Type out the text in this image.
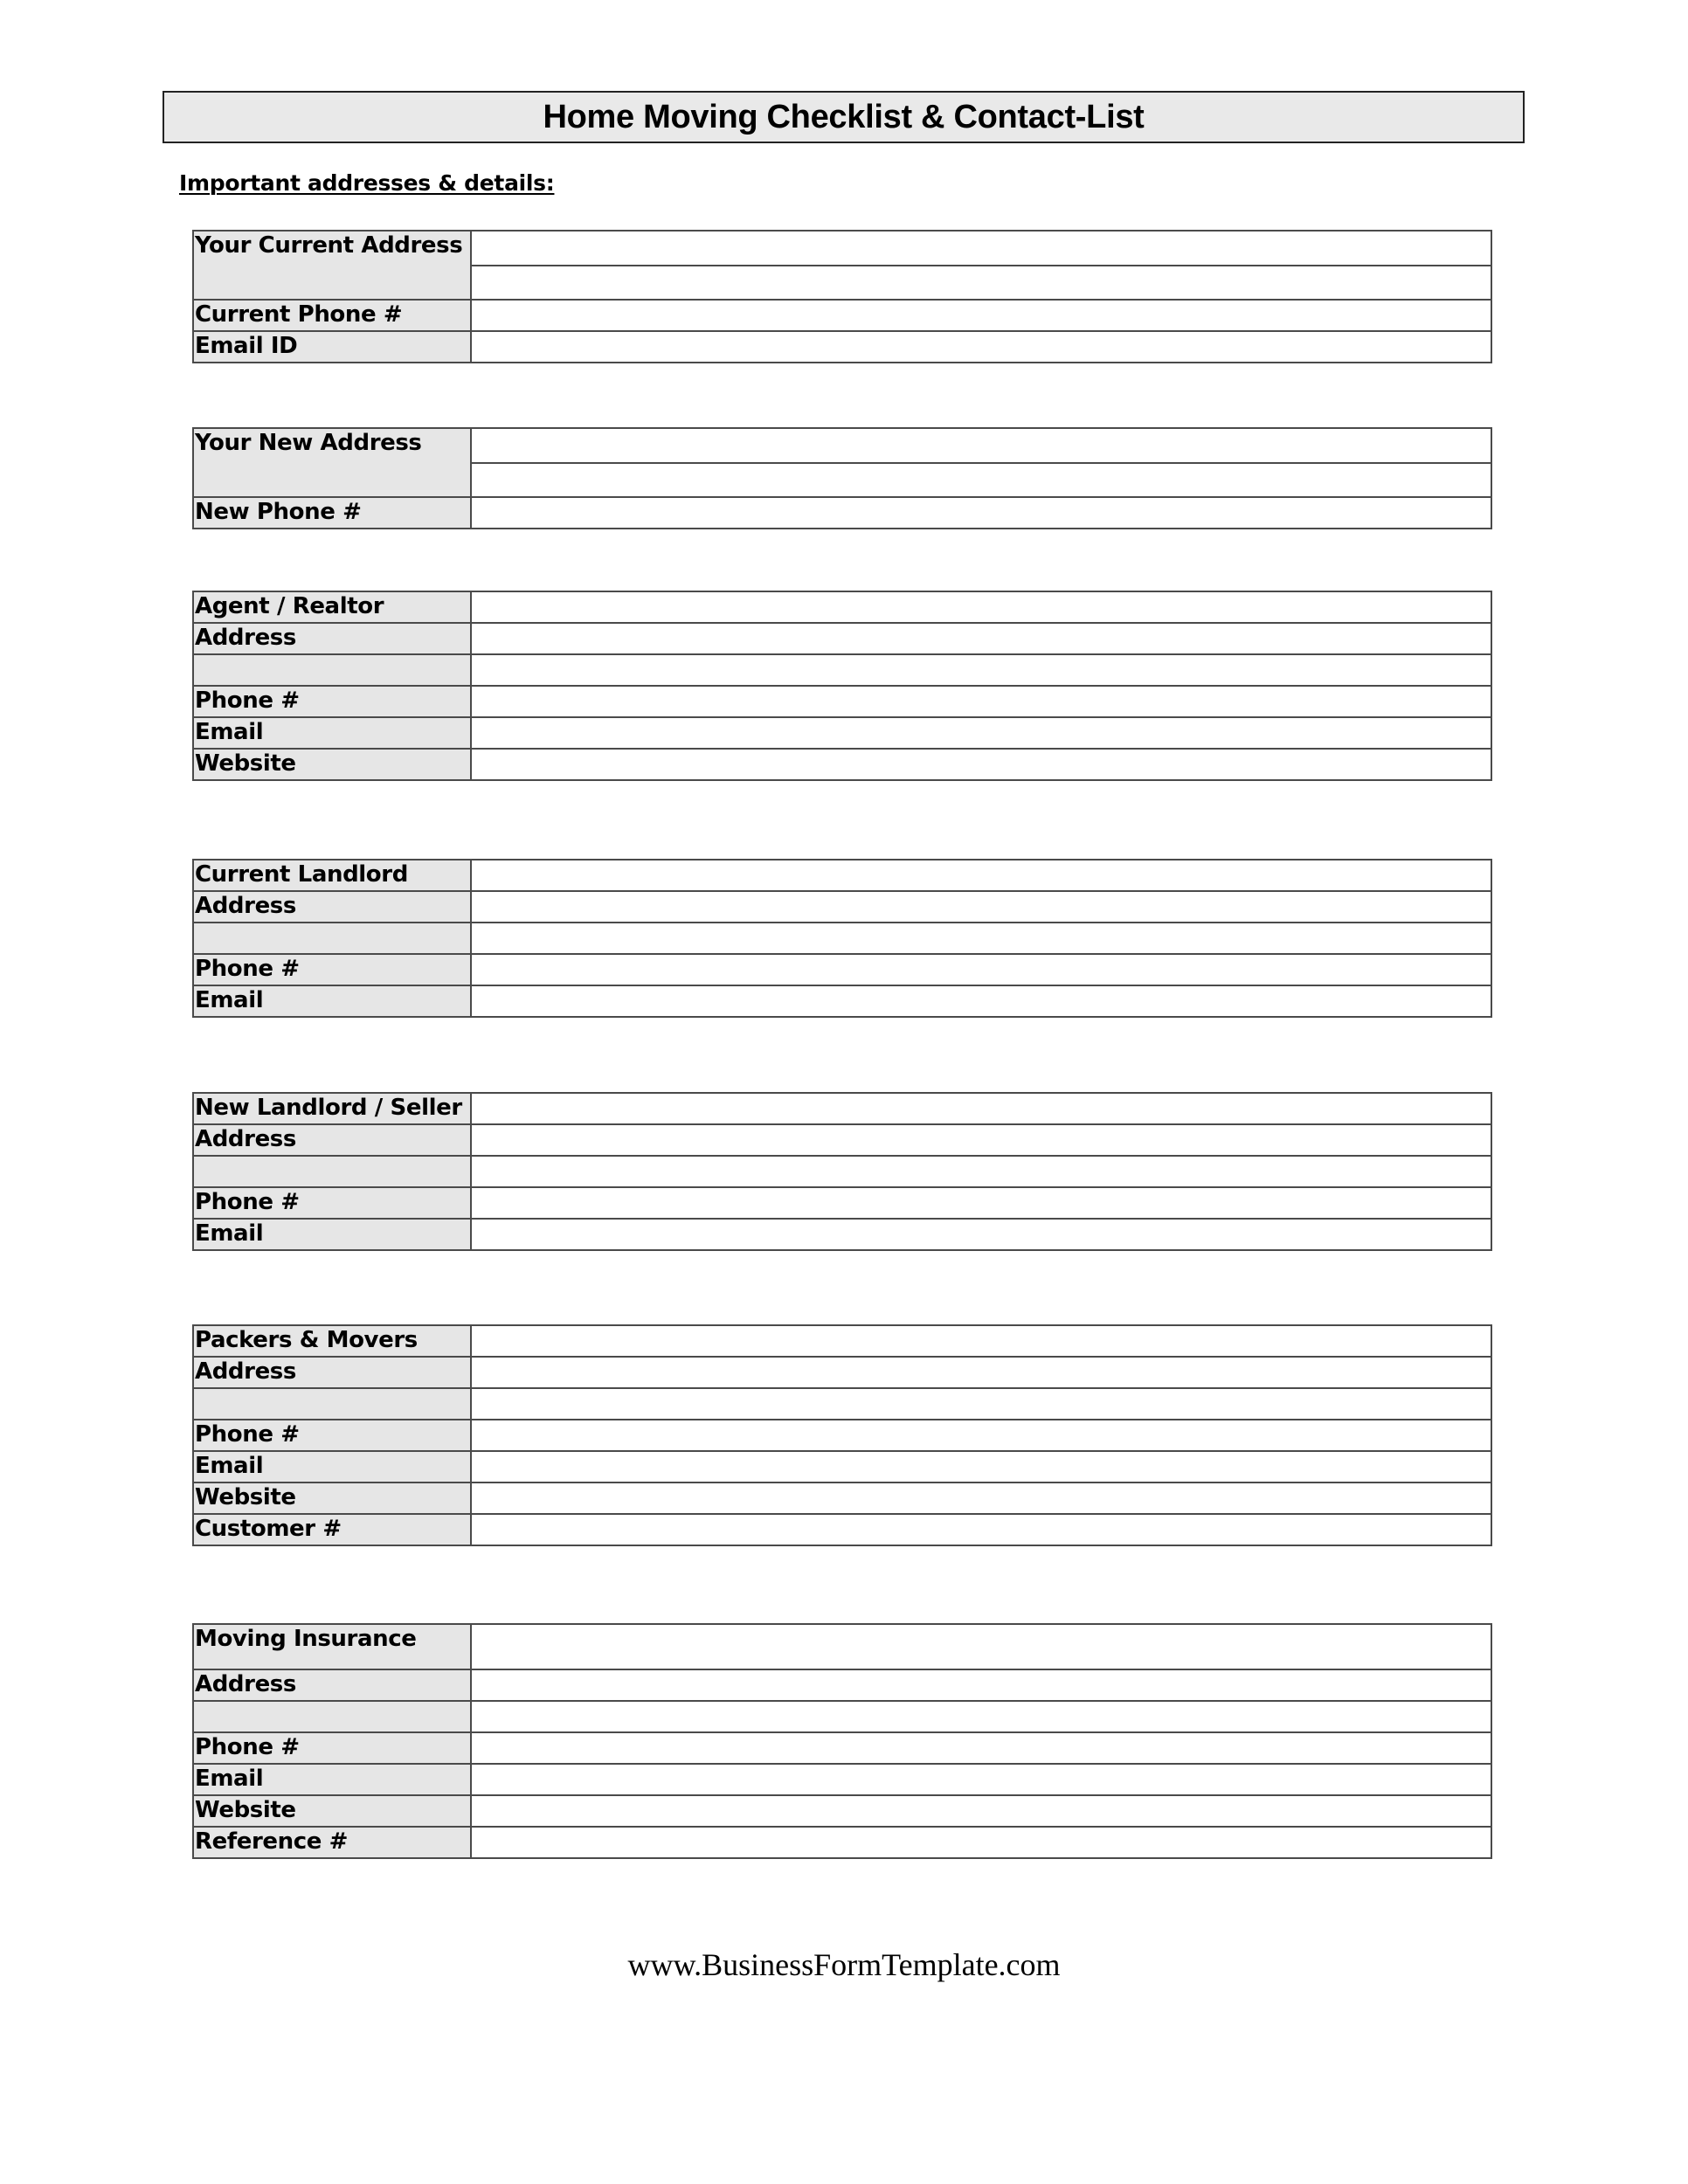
Home Moving Checklist & Contact-List
Important addresses & details:
Your Current Address	

Current Phone #	
Email ID	
Your New Address	

New Phone #	
Agent / Realtor	
Address	

Phone #	
Email	
Website	
Current Landlord	
Address	

Phone #	
Email	
New Landlord / Seller	
Address	

Phone #	
Email	
Packers & Movers	
Address	

Phone #	
Email	
Website	
Customer #	
Moving Insurance	
Address	

Phone #	
Email	
Website	
Reference #	
www.BusinessFormTemplate.com
